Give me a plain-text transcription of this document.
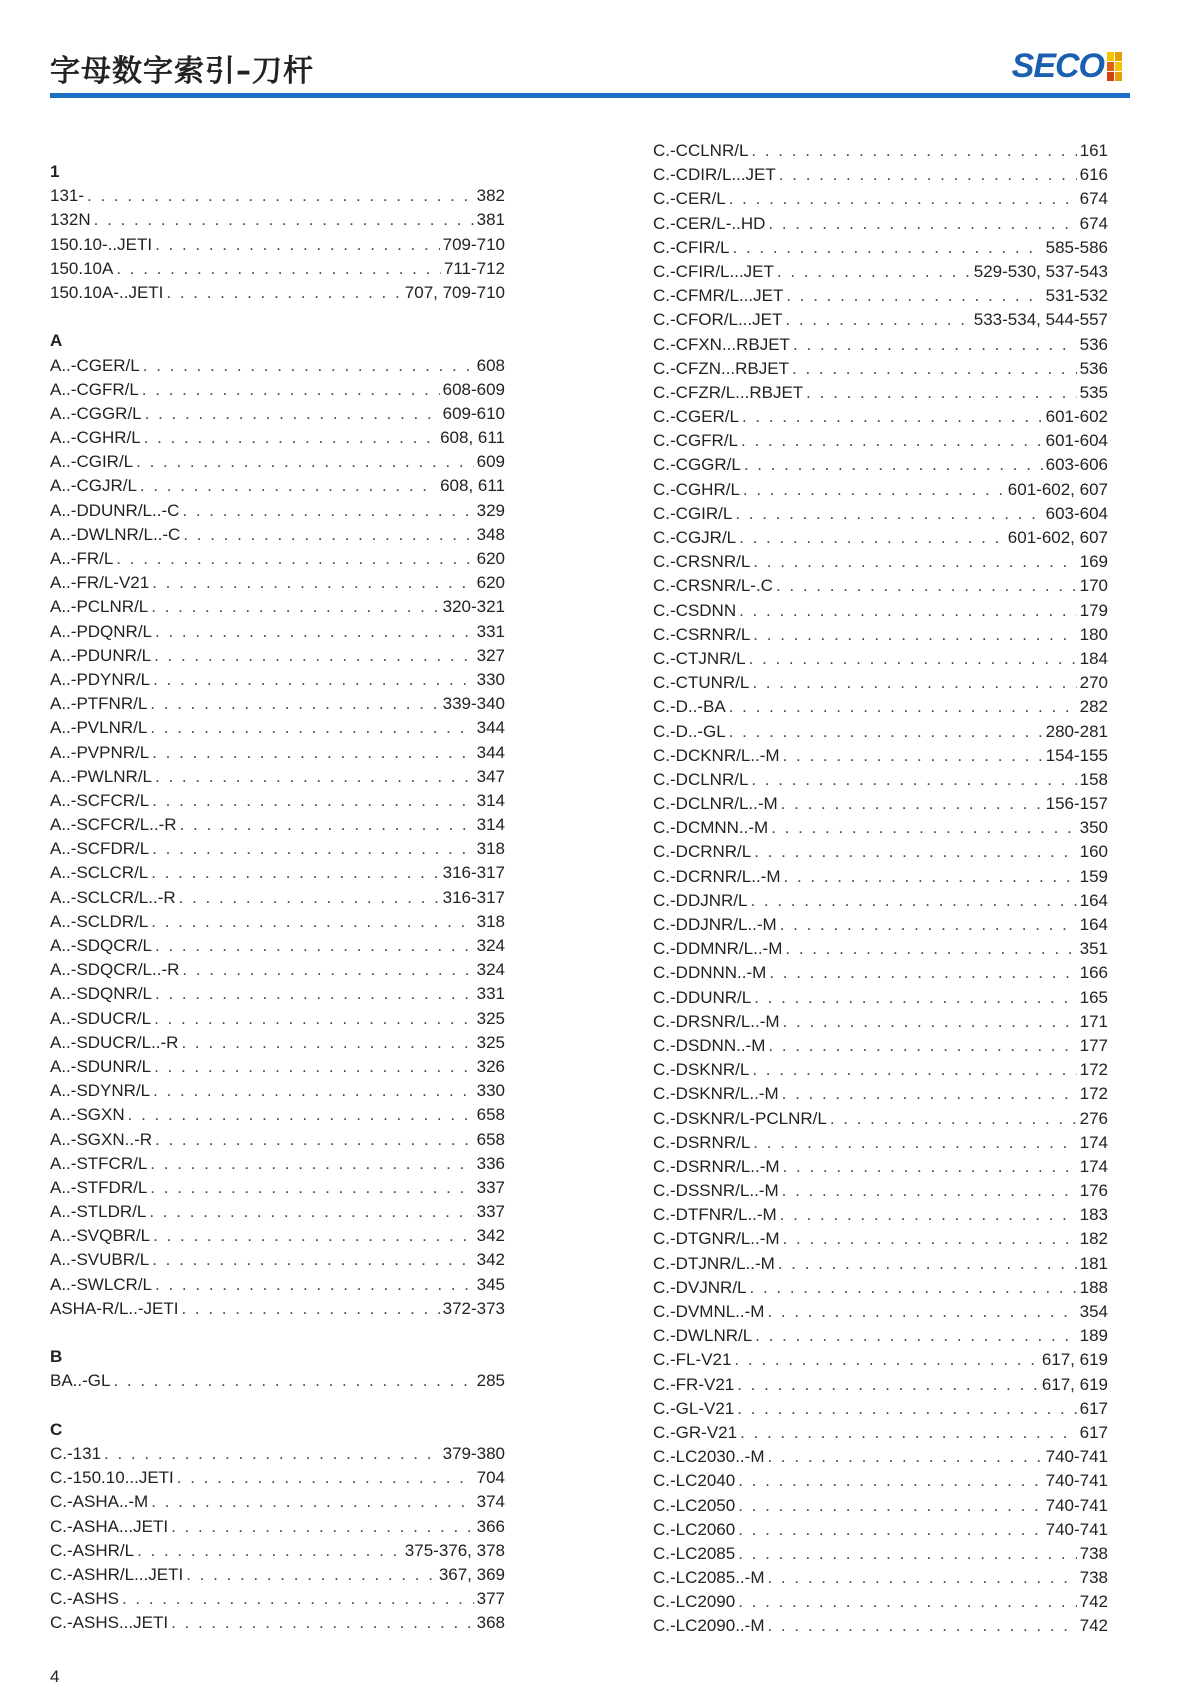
字母数字索引–刀杆	SECO
1
131- . . .	382
132N . . .	381
150.10-..JETI . . .	709-710
150.10A . . .	711-712
150.10A-..JETI . . .	707, 709-710
A
A..-CGER/L . . .	608
A..-CGFR/L . . .	608-609
A..-CGGR/L . . .	609-610
A..-CGHR/L . . .	608, 611
A..-CGIR/L . . .	609
A..-CGJR/L . . .	608, 611
A..-DDUNR/L..-C . . .	329
A..-DWLNR/L..-C . . .	348
A..-FR/L . . .	620
A..-FR/L-V21 . . .	620
A..-PCLNR/L . . .	320-321
A..-PDQNR/L . . .	331
A..-PDUNR/L . . .	327
A..-PDYNR/L . . .	330
A..-PTFNR/L . . .	339-340
A..-PVLNR/L . . .	344
A..-PVPNR/L . . .	344
A..-PWLNR/L . . .	347
A..-SCFCR/L . . .	314
A..-SCFCR/L..-R . . .	314
A..-SCFDR/L . . .	318
A..-SCLCR/L . . .	316-317
A..-SCLCR/L..-R . . .	316-317
A..-SCLDR/L . . .	318
A..-SDQCR/L . . .	324
A..-SDQCR/L..-R . . .	324
A..-SDQNR/L . . .	331
A..-SDUCR/L . . .	325
A..-SDUCR/L..-R . . .	325
A..-SDUNR/L . . .	326
A..-SDYNR/L . . .	330
A..-SGXN . . .	658
A..-SGXN..-R . . .	658
A..-STFCR/L . . .	336
A..-STFDR/L . . .	337
A..-STLDR/L . . .	337
A..-SVQBR/L . . .	342
A..-SVUBR/L . . .	342
A..-SWLCR/L . . .	345
ASHA-R/L..-JETI . . .	372-373
B
BA..-GL . . .	285
C
C.-131 . . .	379-380
C.-150.10...JETI . . .	704
C.-ASHA..-M . . .	374
C.-ASHA...JETI . . .	366
C.-ASHR/L . . .	375-376, 378
C.-ASHR/L...JETI . . .	367, 369
C.-ASHS . . .	377
C.-ASHS...JETI . . .	368
C.-CCLNR/L . . .	161
C.-CDIR/L...JET . . .	616
C.-CER/L . . .	674
C.-CER/L-..HD . . .	674
C.-CFIR/L . . .	585-586
C.-CFIR/L...JET . . .	529-530, 537-543
C.-CFMR/L...JET . . .	531-532
C.-CFOR/L...JET . . .	533-534, 544-557
C.-CFXN...RBJET . . .	536
C.-CFZN...RBJET . . .	536
C.-CFZR/L...RBJET . . .	535
C.-CGER/L . . .	601-602
C.-CGFR/L . . .	601-604
C.-CGGR/L . . .	603-606
C.-CGHR/L . . .	601-602, 607
C.-CGIR/L . . .	603-604
C.-CGJR/L . . .	601-602, 607
C.-CRSNR/L . . .	169
C.-CRSNR/L-.C . . .	170
C.-CSDNN . . .	179
C.-CSRNR/L . . .	180
C.-CTJNR/L . . .	184
C.-CTUNR/L . . .	270
C.-D..-BA . . .	282
C.-D..-GL . . .	280-281
C.-DCKNR/L..-M . . .	154-155
C.-DCLNR/L . . .	158
C.-DCLNR/L..-M . . .	156-157
C.-DCMNN..-M . . .	350
C.-DCRNR/L . . .	160
C.-DCRNR/L..-M . . .	159
C.-DDJNR/L . . .	164
C.-DDJNR/L..-M . . .	164
C.-DDMNR/L..-M . . .	351
C.-DDNNN..-M . . .	166
C.-DDUNR/L . . .	165
C.-DRSNR/L..-M . . .	171
C.-DSDNN..-M . . .	177
C.-DSKNR/L . . .	172
C.-DSKNR/L..-M . . .	172
C.-DSKNR/L-PCLNR/L . . .	276
C.-DSRNR/L . . .	174
C.-DSRNR/L..-M . . .	174
C.-DSSNR/L..-M . . .	176
C.-DTFNR/L..-M . . .	183
C.-DTGNR/L..-M . . .	182
C.-DTJNR/L..-M . . .	181
C.-DVJNR/L . . .	188
C.-DVMNL..-M . . .	354
C.-DWLNR/L . . .	189
C.-FL-V21 . . .	617, 619
C.-FR-V21 . . .	617, 619
C.-GL-V21 . . .	617
C.-GR-V21 . . .	617
C.-LC2030..-M . . .	740-741
C.-LC2040 . . .	740-741
C.-LC2050 . . .	740-741
C.-LC2060 . . .	740-741
C.-LC2085 . . .	738
C.-LC2085..-M . . .	738
C.-LC2090 . . .	742
C.-LC2090..-M . . .	742
4
